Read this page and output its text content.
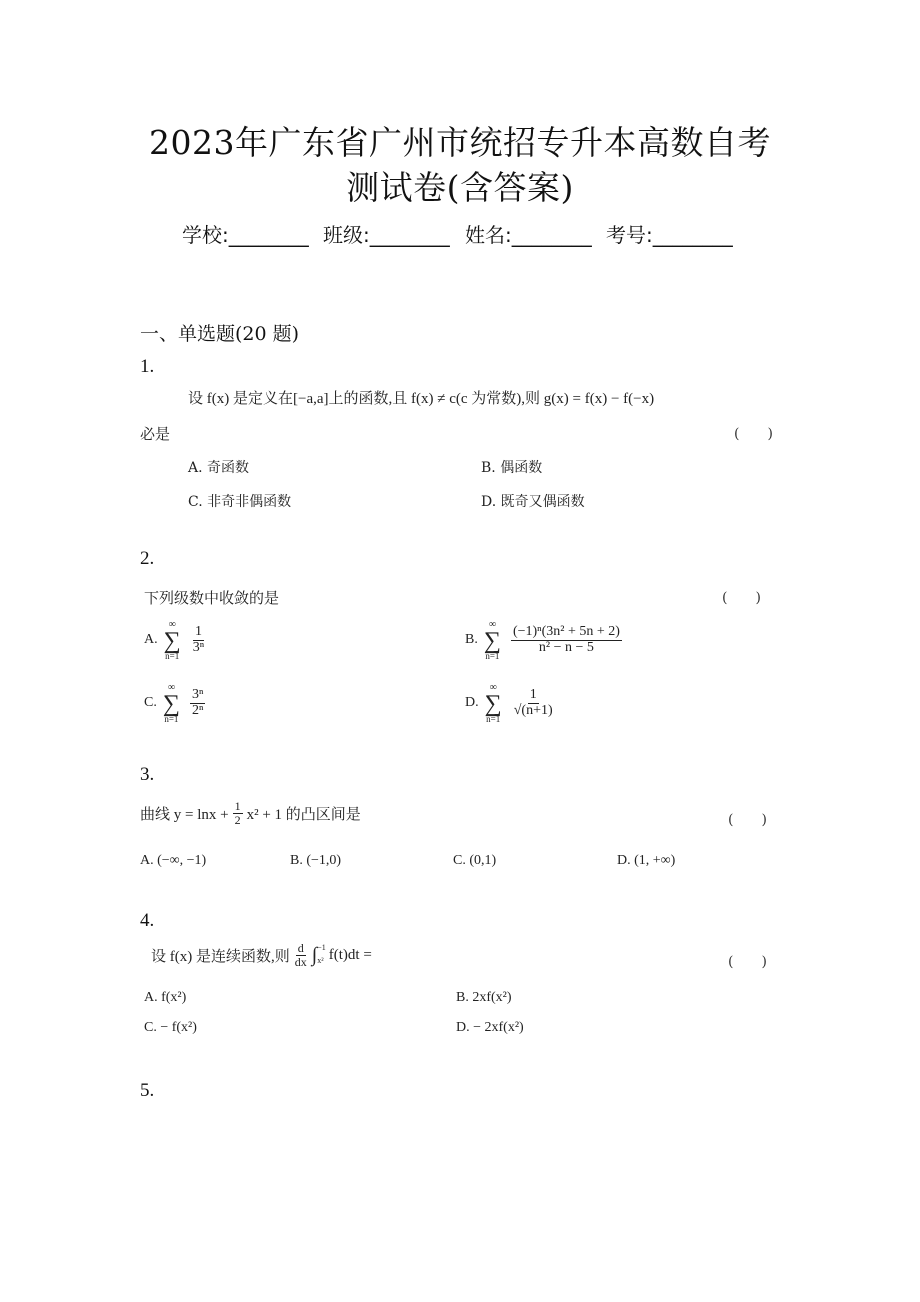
2023年广东省广州市统招专升本高数自考
测试卷(含答案)
学校:________ 班级:________ 姓名:________ 考号:________
一、单选题(20 题)
1.
设 f(x) 是定义在[−a,a]上的函数,且 f(x) ≠ c(c 为常数),则 g(x) = f(x) − f(−x)
必是	(　　)
A. 奇函数	B. 偶函数
C. 非奇非偶函数	D. 既奇又偶函数
2.
下列级数中收敛的是	(　　)
A.
∞
∑
n=1
$\frac{1}{\text{3ⁿ}}$	B.
∞
∑
n=1
$\frac{\text{(−1)ⁿ(3n² + 5n + 2)}}{\text{n² − n − 5}}$
C.
∞
∑
n=1
$\frac{\text{3ⁿ}}{\text{2ⁿ}}$	D.
∞
∑
n=1
$\frac{1}{√(n+1)}$
3.
曲线 $y = \ln x + \frac{1}{2} x^2 + 1$ 的凸区间是	(　　)
A. (−∞, −1)	B. (−1,0)	C. (0,1)	D. (1, +∞)
4.
设 f(x) 是连续函数,则 $\frac{d}{dx}$ ∫ −1
x² f(t)dt =	(　　)
A. f(x²)	B. 2xf(x²)
C. − f(x²)	D. − 2xf(x²)
5.
